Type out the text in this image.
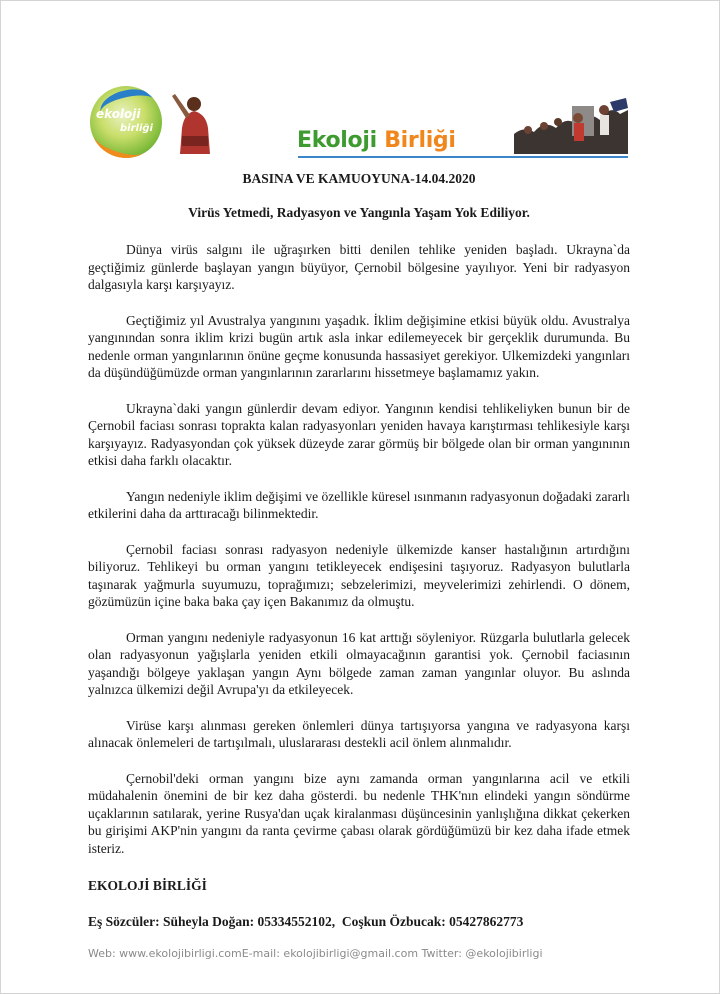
ekoloji
birliği	Ekoloji Birliği

BASINA VE KAMUOYUNA-14.04.2020

Virüs Yetmedi, Radyasyon ve Yangınla Yaşam Yok Ediliyor.

Dünya virüs salgını ile uğraşırken bitti denilen tehlike yeniden başladı. Ukrayna`da geçtiğimiz günlerde başlayan yangın büyüyor, Çernobil bölgesine yayılıyor. Yeni bir radyasyon dalgasıyla karşı karşıyayız.

Geçtiğimiz yıl Avustralya yangınını yaşadık. İklim değişimine etkisi büyük oldu. Avustralya yangınından sonra iklim krizi bugün artık asla inkar edilemeyecek bir gerçeklik durumunda. Bu nedenle orman yangınlarının önüne geçme konusunda hassasiyet gerekiyor. Ulkemizdeki yangınları da düşündüğümüzde orman yangınlarının zararlarını hissetmeye başlamamız yakın.

Ukrayna`daki yangın günlerdir devam ediyor. Yangının kendisi tehlikeliyken bunun bir de Çernobil faciası sonrası toprakta kalan radyasyonları yeniden havaya karıştırması tehlikesiyle karşı karşıyayız. Radyasyondan çok yüksek düzeyde zarar görmüş bir bölgede olan bir orman yangınının etkisi daha farklı olacaktır.

Yangın nedeniyle iklim değişimi ve özellikle küresel ısınmanın radyasyonun doğadaki zararlı etkilerini daha da arttıracağı bilinmektedir.

Çernobil faciası sonrası radyasyon nedeniyle ülkemizde kanser hastalığının artırdığını biliyoruz. Tehlikeyi bu orman yangını tetikleyecek endişesini taşıyoruz. Radyasyon bulutlarla taşınarak yağmurla suyumuzu, toprağımızı; sebzelerimizi, meyvelerimizi zehirlendi. O dönem, gözümüzün içine baka baka çay içen Bakanımız da olmuştu.

Orman yangını nedeniyle radyasyonun 16 kat arttığı söyleniyor. Rüzgarla bulutlarla gelecek olan radyasyonun yağışlarla yeniden etkili olmayacağının garantisi yok. Çernobil faciasının yaşandığı bölgeye yaklaşan yangın Aynı bölgede zaman zaman yangınlar oluyor. Bu aslında yalnızca ülkemizi değil Avrupa'yı da etkileyecek.

Virüse karşı alınması gereken önlemleri dünya tartışıyorsa yangına ve radyasyona karşı alınacak önlemeleri de tartışılmalı, uluslararası destekli acil önlem alınmalıdır.

Çernobil'deki orman yangını bize aynı zamanda orman yangınlarına acil ve etkili müdahalenin önemini de bir kez daha gösterdi. bu nedenle THK'nın elindeki yangın söndürme uçaklarının satılarak, yerine Rusya'dan uçak kiralanması düşüncesinin yanlışlığına dikkat çekerken bu girişimi AKP'nin yangını da ranta çevirme çabası olarak gördüğümüzü bir kez daha ifade etmek isteriz.

EKOLOJİ BİRLİĞİ

Eş Sözcüler: Süheyla Doğan: 05334552102,  Coşkun Özbucak: 05427862773

Web: www.ekolojibirligi.comE-mail: ekolojibirligi@gmail.com Twitter: @ekolojibirligi
